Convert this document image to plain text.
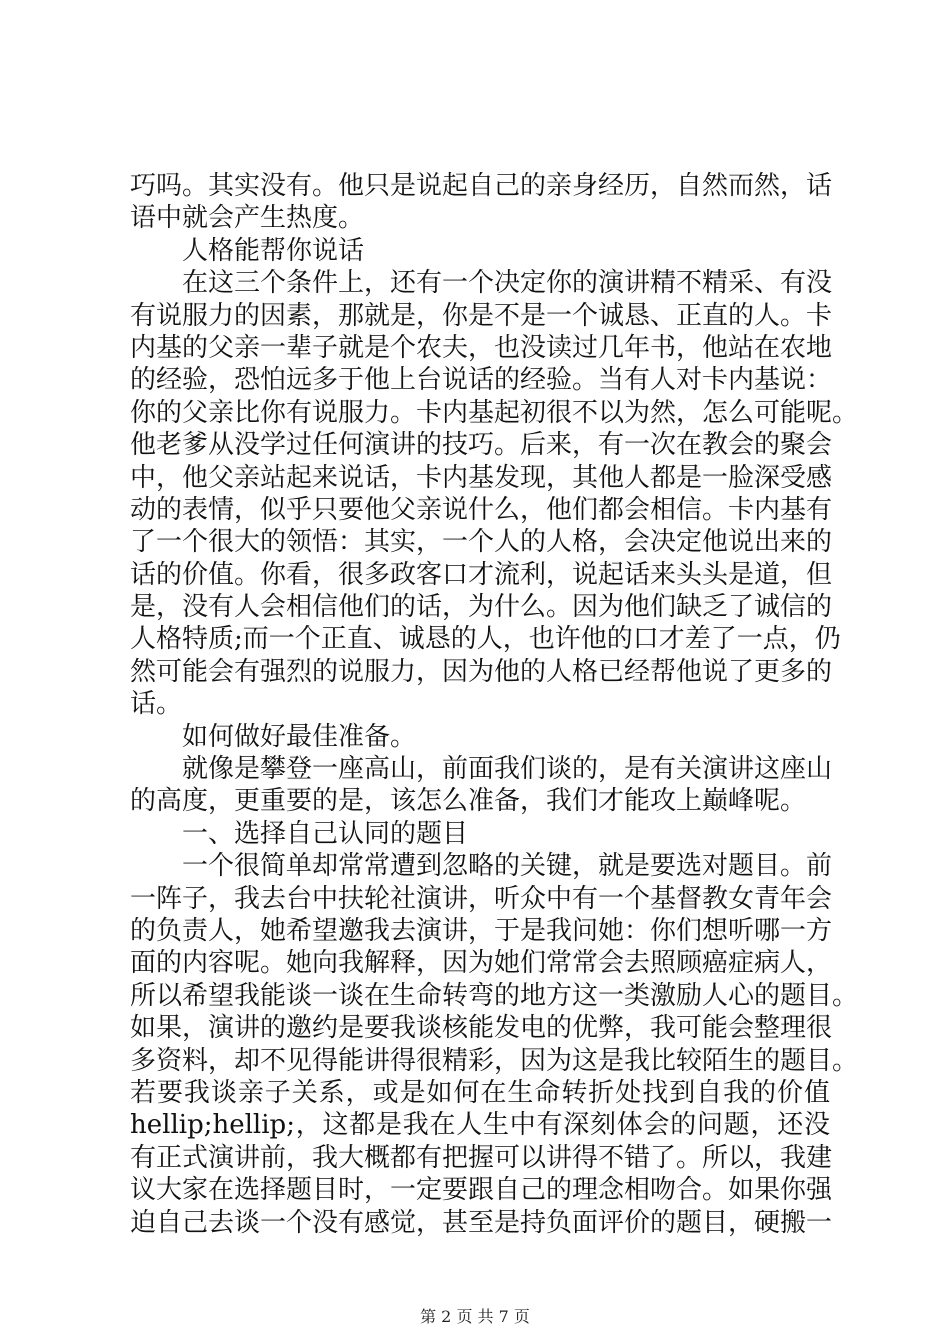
巧吗。其实没有。他只是说起自己的亲身经历，自然而然，话
语中就会产生热度。
人格能帮你说话
在这三个条件上，还有一个决定你的演讲精不精采、有没
有说服力的因素，那就是，你是不是一个诚恳、正直的人。卡
内基的父亲一辈子就是个农夫，也没读过几年书，他站在农地
的经验，恐怕远多于他上台说话的经验。当有人对卡内基说：
你的父亲比你有说服力。卡内基起初很不以为然，怎么可能呢。
他老爹从没学过任何演讲的技巧。后来，有一次在教会的聚会
中，他父亲站起来说话，卡内基发现，其他人都是一脸深受感
动的表情，似乎只要他父亲说什么，他们都会相信。卡内基有
了一个很大的领悟：其实，一个人的人格，会决定他说出来的
话的价值。你看，很多政客口才流利，说起话来头头是道，但
是，没有人会相信他们的话，为什么。因为他们缺乏了诚信的
人格特质;而一个正直、诚恳的人，也许他的口才差了一点，仍
然可能会有强烈的说服力，因为他的人格已经帮他说了更多的
话。
如何做好最佳准备。
就像是攀登一座高山，前面我们谈的，是有关演讲这座山
的高度，更重要的是，该怎么准备，我们才能攻上巅峰呢。
一、选择自己认同的题目
一个很简单却常常遭到忽略的关键，就是要选对题目。前
一阵子，我去台中扶轮社演讲，听众中有一个基督教女青年会
的负责人，她希望邀我去演讲，于是我问她：你们想听哪一方
面的内容呢。她向我解释，因为她们常常会去照顾癌症病人，
所以希望我能谈一谈在生命转弯的地方这一类激励人心的题目。
如果，演讲的邀约是要我谈核能发电的优弊，我可能会整理很
多资料，却不见得能讲得很精彩，因为这是我比较陌生的题目。
若要我谈亲子关系，或是如何在生命转折处找到自我的价值
hellip;hellip;，这都是我在人生中有深刻体会的问题，还没
有正式演讲前，我大概都有把握可以讲得不错了。所以，我建
议大家在选择题目时，一定要跟自己的理念相吻合。如果你强
迫自己去谈一个没有感觉，甚至是持负面评价的题目，硬搬一
第 2 页 共 7 页
